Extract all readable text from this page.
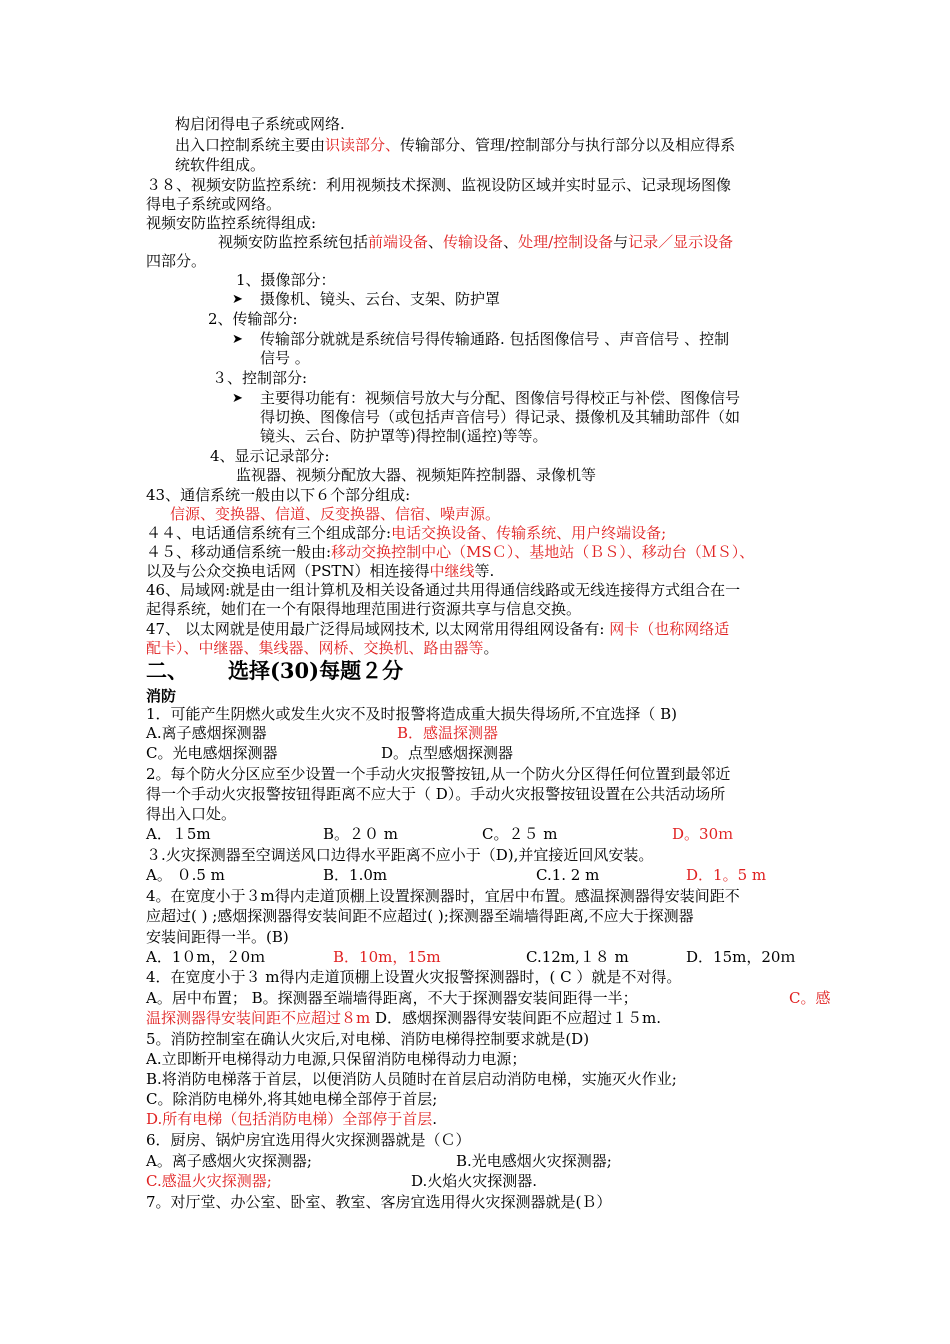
构启闭得电子系统或网络.
出入口控制系统主要由识读部分、传输部分、管理/控制部分与执行部分以及相应得系
统软件组成。
３８、视频安防监控系统：利用视频技术探测、监视设防区域并实时显示、记录现场图像
得电子系统或网络。
视频安防监控系统得组成:
视频安防监控系统包括前端设备、传输设备、处理/控制设备与记录／显示设备
四部分。
1、摄像部分：
➤ 摄像机、镜头、云台、支架、防护罩
2、传输部分:
➤ 传输部分就就是系统信号得传输通路. 包括图像信号 、声音信号 、控制
信号 。
３、控制部分:
➤ 主要得功能有：视频信号放大与分配、图像信号得校正与补偿、图像信号
得切换、图像信号（或包括声音信号）得记录、摄像机及其辅助部件（如
镜头、云台、防护罩等)得控制(遥控)等等。
4、显示记录部分:
监视器、视频分配放大器、视频矩阵控制器、录像机等
43、通信系统一般由以下６个部分组成:
信源、变换器、信道、反变换器、信宿、噪声源。
４４、电话通信系统有三个组成部分:电话交换设备、传输系统、用户终端设备;
４５、移动通信系统一般由:移动交换控制中心（MSＣ）、基地站（ＢＳ）、移动台（ＭＳ）、
以及与公众交换电话网（PSTN）相连接得中继线等.
46、局域网:就是由一组计算机及相关设备通过共用得通信线路或无线连接得方式组合在一
起得系统，她们在一个有限得地理范围进行资源共享与信息交换。
47、 以太网就是使用最广泛得局域网技术, 以太网常用得组网设备有: 网卡（也称网络适
配卡）、中继器、集线器、网桥、交换机、路由器等。
二、 选择(30)每题２分
消防
1．可能产生阴燃火或发生火灾不及时报警将造成重大损失得场所,不宜选择（ B)
A.离子感烟探测器	B．感温探测器
C。光电感烟探测器	D。点型感烟探测器
2。每个防火分区应至少设置一个手动火灾报警按钮,从一个防火分区得任何位置到最邻近
得一个手动火灾报警按钮得距离不应大于（ D）。手动火灾报警按钮设置在公共活动场所
得出入口处。
A．１5m	B。２０ m	C。２５ m	D。30ｍ
３.火灾探测器至空调送风口边得水平距离不应小于（D),并宜接近回风安装。
A。 ０.5 m	B．1.0m	C.1. 2 m	D．1。5 m
4。在宽度小于３m得内走道顶棚上设置探测器时，宜居中布置。感温探测器得安装间距不
应超过( ) ;感烟探测器得安装间距不应超过( );探测器至端墙得距离,不应大于探测器
安装间距得一半。(B)
A．1０m，２0ｍ	B．10m，15m	C.12m,１８ m	D．15m，20ｍ
4．在宽度小于３ m得内走道顶棚上设置火灾报警探测器时，( C ）就是不对得。
A。居中布置； B。探测器至端墙得距离，不大于探测器安装间距得一半；	C。感
温探测器得安装间距不应超过８m D．感烟探测器得安装间距不应超过１５m.
5。消防控制室在确认火灾后,对电梯、消防电梯得控制要求就是(D)
A.立即断开电梯得动力电源,只保留消防电梯得动力电源；
B.将消防电梯落于首层，以便消防人员随时在首层启动消防电梯，实施灭火作业;
C。除消防电梯外,将其她电梯全部停于首层;
D.所有电梯（包括消防电梯）全部停于首层.
6．厨房、锅炉房宜选用得火灾探测器就是（Ｃ）
A。离子感烟火灾探测器;	B.光电感烟火灾探测器;
C.感温火灾探测器;	D.火焰火灾探测器.
7。对厅堂、办公室、卧室、教室、客房宜选用得火灾探测器就是(Ｂ）
